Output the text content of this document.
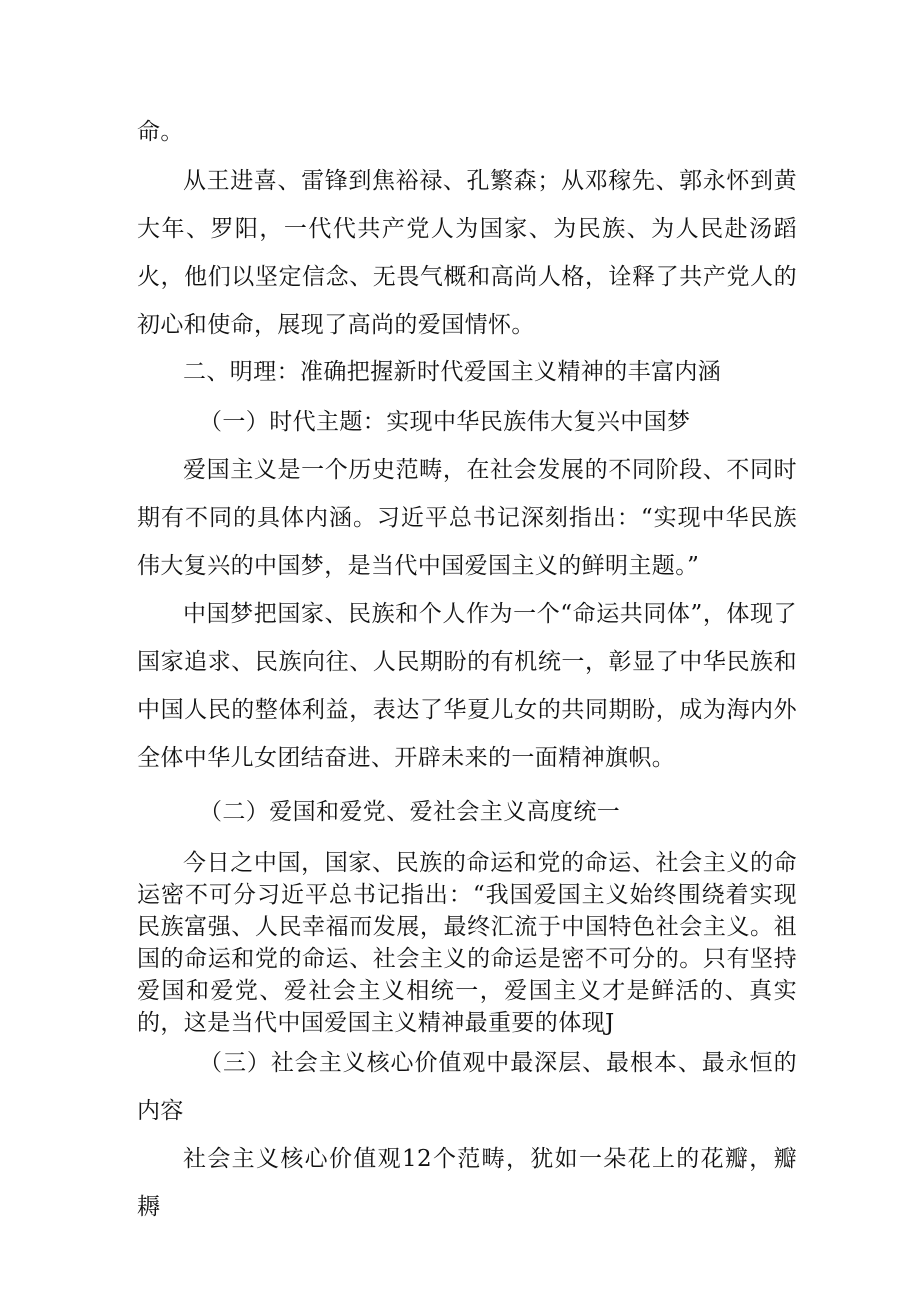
命。

从王进喜、雷锋到焦裕禄、孔繁森；从邓稼先、郭永怀到黄大年、罗阳，一代代共产党人为国家、为民族、为人民赴汤蹈火，他们以坚定信念、无畏气概和高尚人格，诠释了共产党人的初心和使命，展现了高尚的爱国情怀。

二、明理：准确把握新时代爱国主义精神的丰富内涵

（一）时代主题：实现中华民族伟大复兴中国梦

爱国主义是一个历史范畴，在社会发展的不同阶段、不同时期有不同的具体内涵。习近平总书记深刻指出：“实现中华民族伟大复兴的中国梦，是当代中国爱国主义的鲜明主题。”

中国梦把国家、民族和个人作为一个“命运共同体”，体现了国家追求、民族向往、人民期盼的有机统一，彰显了中华民族和中国人民的整体利益，表达了华夏儿女的共同期盼，成为海内外全体中华儿女团结奋进、开辟未来的一面精神旗帜。

（二）爱国和爱党、爱社会主义高度统一

今日之中国，国家、民族的命运和党的命运、社会主义的命运密不可分习近平总书记指出：“我国爱国主义始终围绕着实现民族富强、人民幸福而发展，最终汇流于中国特色社会主义。祖国的命运和党的命运、社会主义的命运是密不可分的。只有坚持爱国和爱党、爱社会主义相统一，爱国主义才是鲜活的、真实的，这是当代中国爱国主义精神最重要的体现J

（三）社会主义核心价值观中最深层、最根本、最永恒的内容

社会主义核心价值观12个范畴，犹如一朵花上的花瓣，瓣耨
